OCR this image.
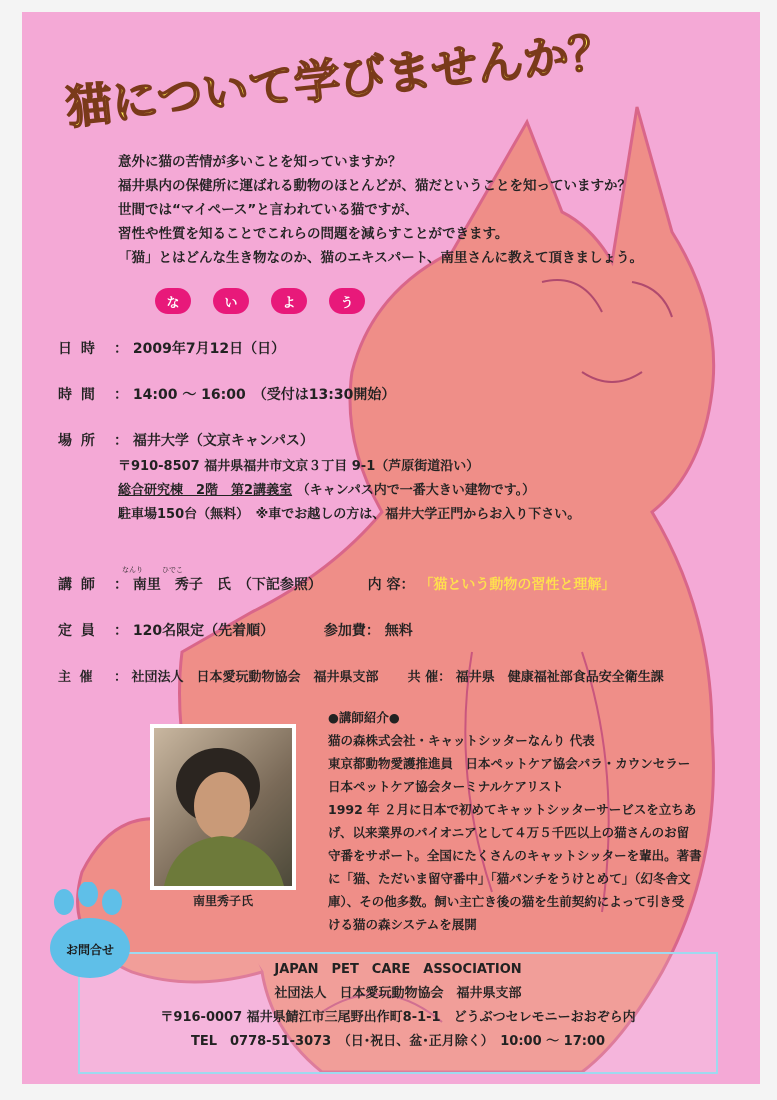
猫について学びませんか？
意外に猫の苦情が多いことを知っていますか？
福井県内の保健所に運ばれる動物のほとんどが、猫だということを知っていますか？
世間では“マイペース”と言われている猫ですが、
習性や性質を知ることでこれらの問題を減らすことができます。
「猫」とはどんな生き物なのか、猫のエキスパート、南里さんに教えて頂きましょう。
な	い	よ	う
日 時 ： 2009年7月12日（日）
時 間 ： 14:00 ～ 16:00　（受付は13:30開始）
場 所 ： 福井大学（文京キャンパス）
〒910-8507 福井県福井市文京３丁目 9-1（芦原街道沿い）
総合研究棟　2階　第2講義室 （キャンパス内で一番大きい建物です。）
駐車場150台（無料）　※車でお越しの方は、福井大学正門からお入り下さい。
なんり	ひでこ
講 師 ： 南里　秀子　氏　（下記参照）	内 容： 「猫という動物の習性と理解」
定 員 ： 120名限定（先着順）	参加費： 無料
主 催 ： 社団法人　日本愛玩動物協会　福井県支部 共 催： 福井県　健康福祉部食品安全衛生課
南里秀子氏
●講師紹介●
猫の森株式会社・キャットシッターなんり 代表
東京都動物愛護推進員　日本ペットケア協会パラ・カウンセラー
日本ペットケア協会ターミナルケアリスト
1992 年 ２月に日本で初めてキャットシッターサービスを立ちあ
げ、以来業界のパイオニアとして４万５千匹以上の猫さんのお留
守番をサポート。全国にたくさんのキャットシッターを輩出。著書
に「猫、ただいま留守番中」「猫パンチをうけとめて」（幻冬舎文
庫）、その他多数。飼い主亡き後の猫を生前契約によって引き受
ける猫の森システムを展開
お問合せ
JAPAN　PET　CARE　ASSOCIATION
社団法人　日本愛玩動物協会　福井県支部
〒916-0007 福井県鯖江市三尾野出作町8-1-1　どうぶつセレモニーおおぞら内
TEL　0778-51-3073　（日･祝日、盆･正月除く）　10:00 ～ 17:00
